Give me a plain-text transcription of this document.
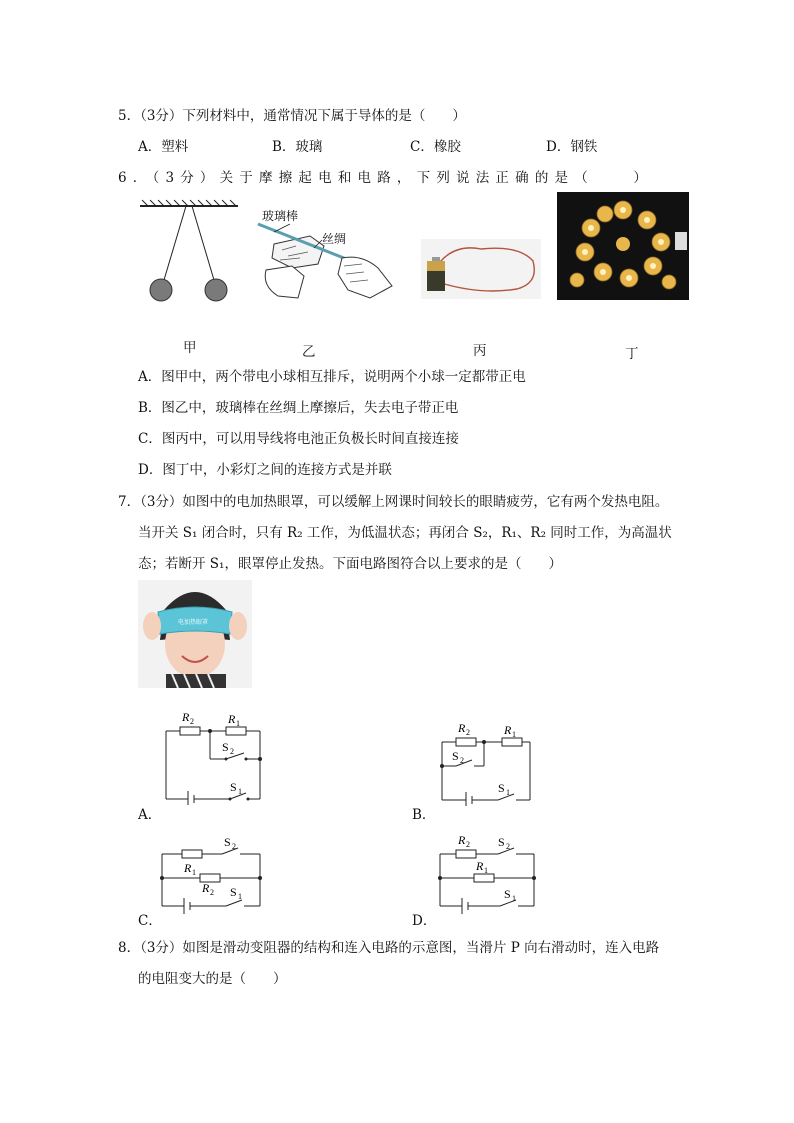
5．（3分）下列材料中，通常情况下属于导体的是（　　）
A．塑料	B．玻璃	C．橡胶	D．钢铁
6．（3分）关于摩擦起电和电路，下列说法正确的是（　　）
玻璃棒
丝绸
甲	乙	丙	丁
A．图甲中，两个带电小球相互排斥，说明两个小球一定都带正电
B．图乙中，玻璃棒在丝绸上摩擦后，失去电子带正电
C．图丙中，可以用导线将电池正负极长时间直接连接
D．图丁中，小彩灯之间的连接方式是并联
7．（3分）如图中的电加热眼罩，可以缓解上网课时间较长的眼睛疲劳，它有两个发热电阻。
当开关 S₁ 闭合时，只有 R₂ 工作，为低温状态；再闭合 S₂，R₁、R₂ 同时工作，为高温状
态；若断开 S₁，眼罩停止发热。下面电路图符合以上要求的是（　　）
电加热眼罩
R 2	R 1
S 2
S 1
A．
R 2	R 1
S 2
S 1
B．
R 1
R 2
S 2
S 1
C．
R 2
R 1
S 2
S 1
D．
8．（3分）如图是滑动变阻器的结构和连入电路的示意图，当滑片 P 向右滑动时，连入电路
的电阻变大的是（　　）
